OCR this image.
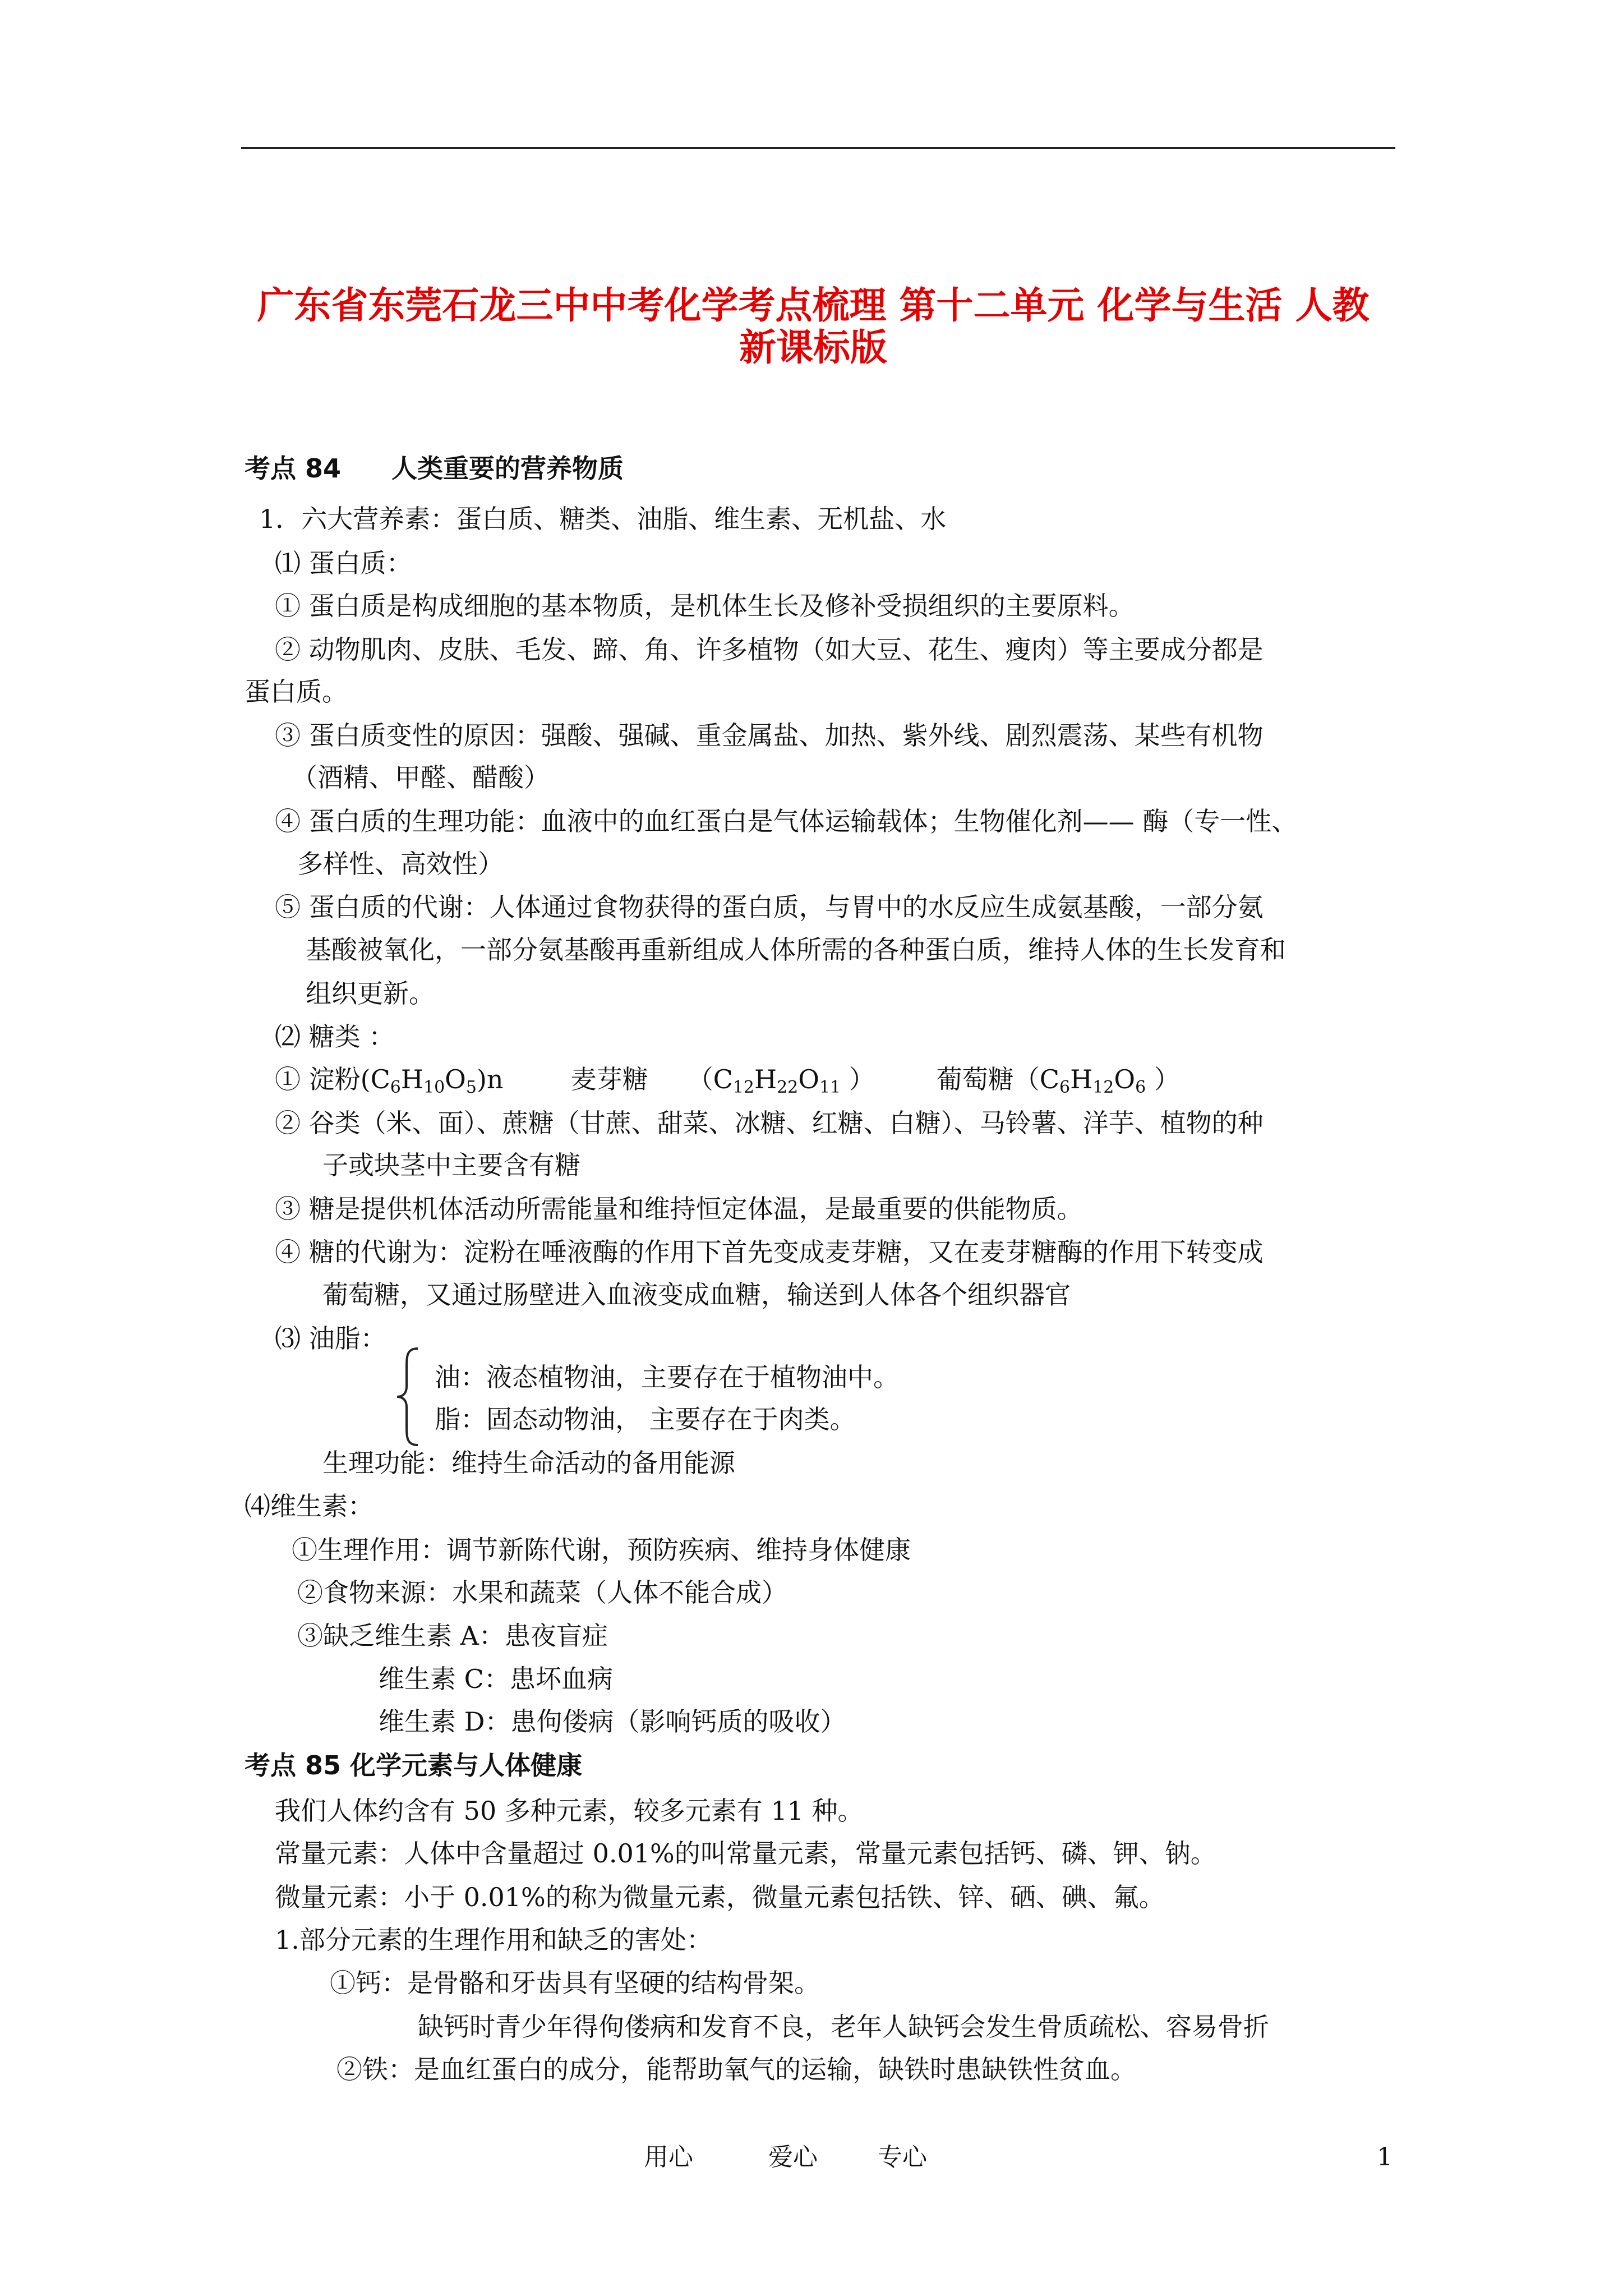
广东省东莞石龙三中中考化学考点梳理 第十二单元 化学与生活 人教
新课标版
考点 84 人类重要的营养物质
1．六大营养素：蛋白质、糖类、油脂、维生素、无机盐、水
⑴ 蛋白质：
① 蛋白质是构成细胞的基本物质，是机体生长及修补受损组织的主要原料。
② 动物肌肉、皮肤、毛发、蹄、角、许多植物（如大豆、花生、瘦肉）等主要成分都是
蛋白质。
③ 蛋白质变性的原因：强酸、强碱、重金属盐、加热、紫外线、剧烈震荡、某些有机物
（酒精、甲醛、醋酸）
④ 蛋白质的生理功能：血液中的血红蛋白是气体运输载体；生物催化剂—— 酶（专一性、
多样性、高效性）
⑤ 蛋白质的代谢：人体通过食物获得的蛋白质，与胃中的水反应生成氨基酸，一部分氨
基酸被氧化，一部分氨基酸再重新组成人体所需的各种蛋白质，维持人体的生长发育和
组织更新。
⑵ 糖类 ：
① 淀粉$(C_6H_{10}O_5)n$	麦芽糖 （$C_{12}H_{22}O_{11}$ ） 葡萄糖（$C_6H_{12}O_6$ ）
② 谷类（米、面）、蔗糖（甘蔗、甜菜、冰糖、红糖、白糖）、马铃薯、洋芋、植物的种
子或块茎中主要含有糖
③ 糖是提供机体活动所需能量和维持恒定体温，是最重要的供能物质。
④ 糖的代谢为：淀粉在唾液酶的作用下首先变成麦芽糖，又在麦芽糖酶的作用下转变成
葡萄糖，又通过肠壁进入血液变成血糖，输送到人体各个组织器官
⑶ 油脂：
油：液态植物油，主要存在于植物油中。
脂：固态动物油， 主要存在于肉类。
生理功能：维持生命活动的备用能源
⑷维生素：
①生理作用：调节新陈代谢，预防疾病、维持身体健康
②食物来源：水果和蔬菜（人体不能合成）
③缺乏维生素 A：患夜盲症
维生素 C：患坏血病
维生素 D：患佝偻病（影响钙质的吸收）
考点 85 化学元素与人体健康
我们人体约含有 50 多种元素，较多元素有 11 种。
常量元素：人体中含量超过 0.01%的叫常量元素，常量元素包括钙、磷、钾、钠。
微量元素：小于 0.01%的称为微量元素，微量元素包括铁、锌、硒、碘、氟。
1.部分元素的生理作用和缺乏的害处：
①钙：是骨骼和牙齿具有坚硬的结构骨架。
缺钙时青少年得佝偻病和发育不良，老年人缺钙会发生骨质疏松、容易骨折
②铁：是血红蛋白的成分，能帮助氧气的运输，缺铁时患缺铁性贫血。
用心	爱心 专心	1
